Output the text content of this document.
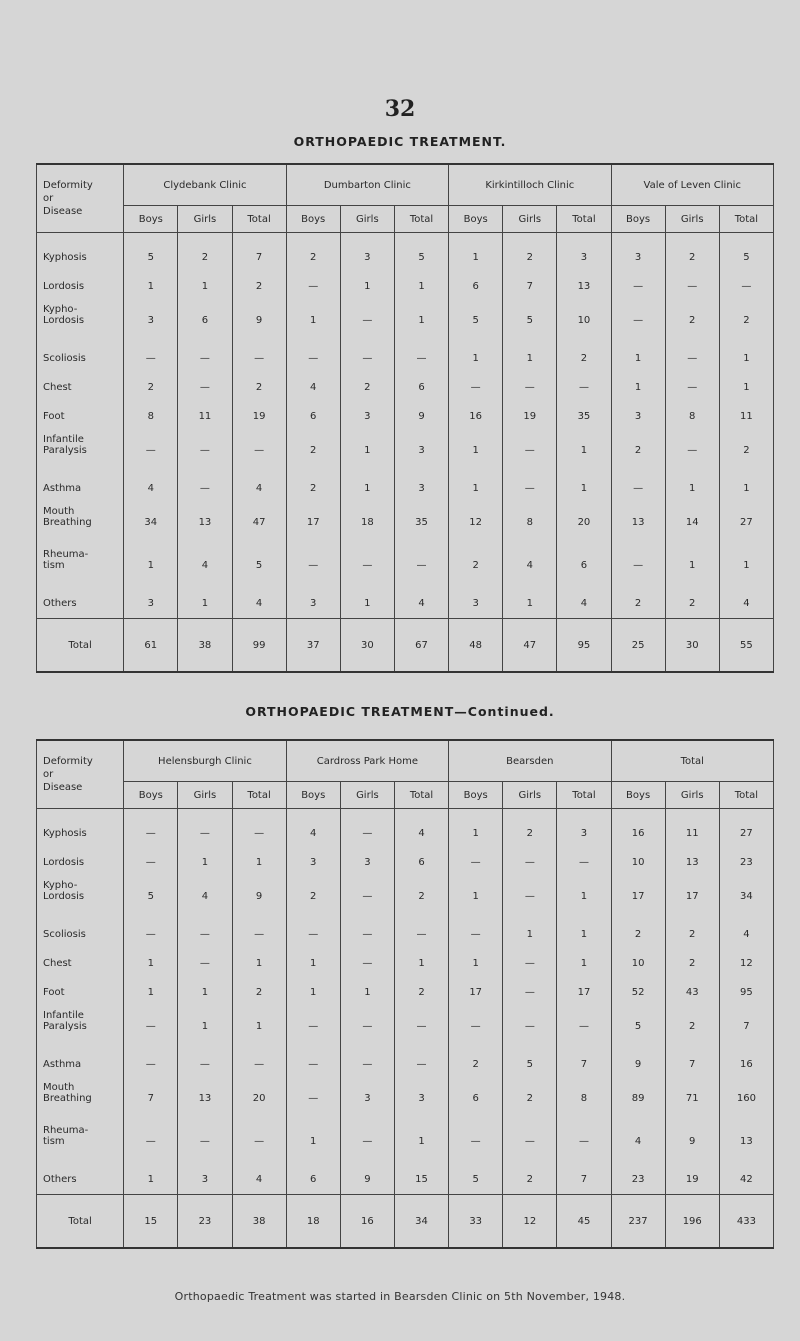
32
ORTHOPAEDIC TREATMENT.
Deformity
or
Disease	Clydebank Clinic			Dumbarton Clinic			Kirkintilloch Clinic			Vale of Leven Clinic		
	Boys	Girls	Total	Boys	Girls	Total	Boys	Girls	Total	Boys	Girls	Total

Kyphosis	5	2	7	2	3	5	1	2	3	3	2	5
Lordosis	1	1	2	—	1	1	6	7	13	—	—	—
Kypho-												
Lordosis	3	6	9	1	—	1	5	5	10	—	2	2
Scoliosis	—	—	—	—	—	—	1	1	2	1	—	1
Chest	2	—	2	4	2	6	—	—	—	1	—	1
Foot	8	11	19	6	3	9	16	19	35	3	8	11
Infantile												
Paralysis	—	—	—	2	1	3	1	—	1	2	—	2
Asthma	4	—	4	2	1	3	1	—	1	—	1	1
Mouth												
Breathing	34	13	47	17	18	35	12	8	20	13	14	27
Rheuma-												
tism	1	4	5	—	—	—	2	4	6	—	1	1
Others	3	1	4	3	1	4	3	1	4	2	2	4
Total	61	38	99	37	30	67	48	47	95	25	30	55
ORTHOPAEDIC TREATMENT—Continued.
Deformity
or
Disease	Helensburgh Clinic			Cardross Park Home			Bearsden			Total		
	Boys	Girls	Total	Boys	Girls	Total	Boys	Girls	Total	Boys	Girls	Total

Kyphosis	—	—	—	4	—	4	1	2	3	16	11	27
Lordosis	—	1	1	3	3	6	—	—	—	10	13	23
Kypho-												
Lordosis	5	4	9	2	—	2	1	—	1	17	17	34
Scoliosis	—	—	—	—	—	—	—	1	1	2	2	4
Chest	1	—	1	1	—	1	1	—	1	10	2	12
Foot	1	1	2	1	1	2	17	—	17	52	43	95
Infantile												
Paralysis	—	1	1	—	—	—	—	—	—	5	2	7
Asthma	—	—	—	—	—	—	2	5	7	9	7	16
Mouth												
Breathing	7	13	20	—	3	3	6	2	8	89	71	160
Rheuma-												
tism	—	—	—	1	—	1	—	—	—	4	9	13
Others	1	3	4	6	9	15	5	2	7	23	19	42
Total	15	23	38	18	16	34	33	12	45	237	196	433
Orthopaedic Treatment was started in Bearsden Clinic on 5th November, 1948.
